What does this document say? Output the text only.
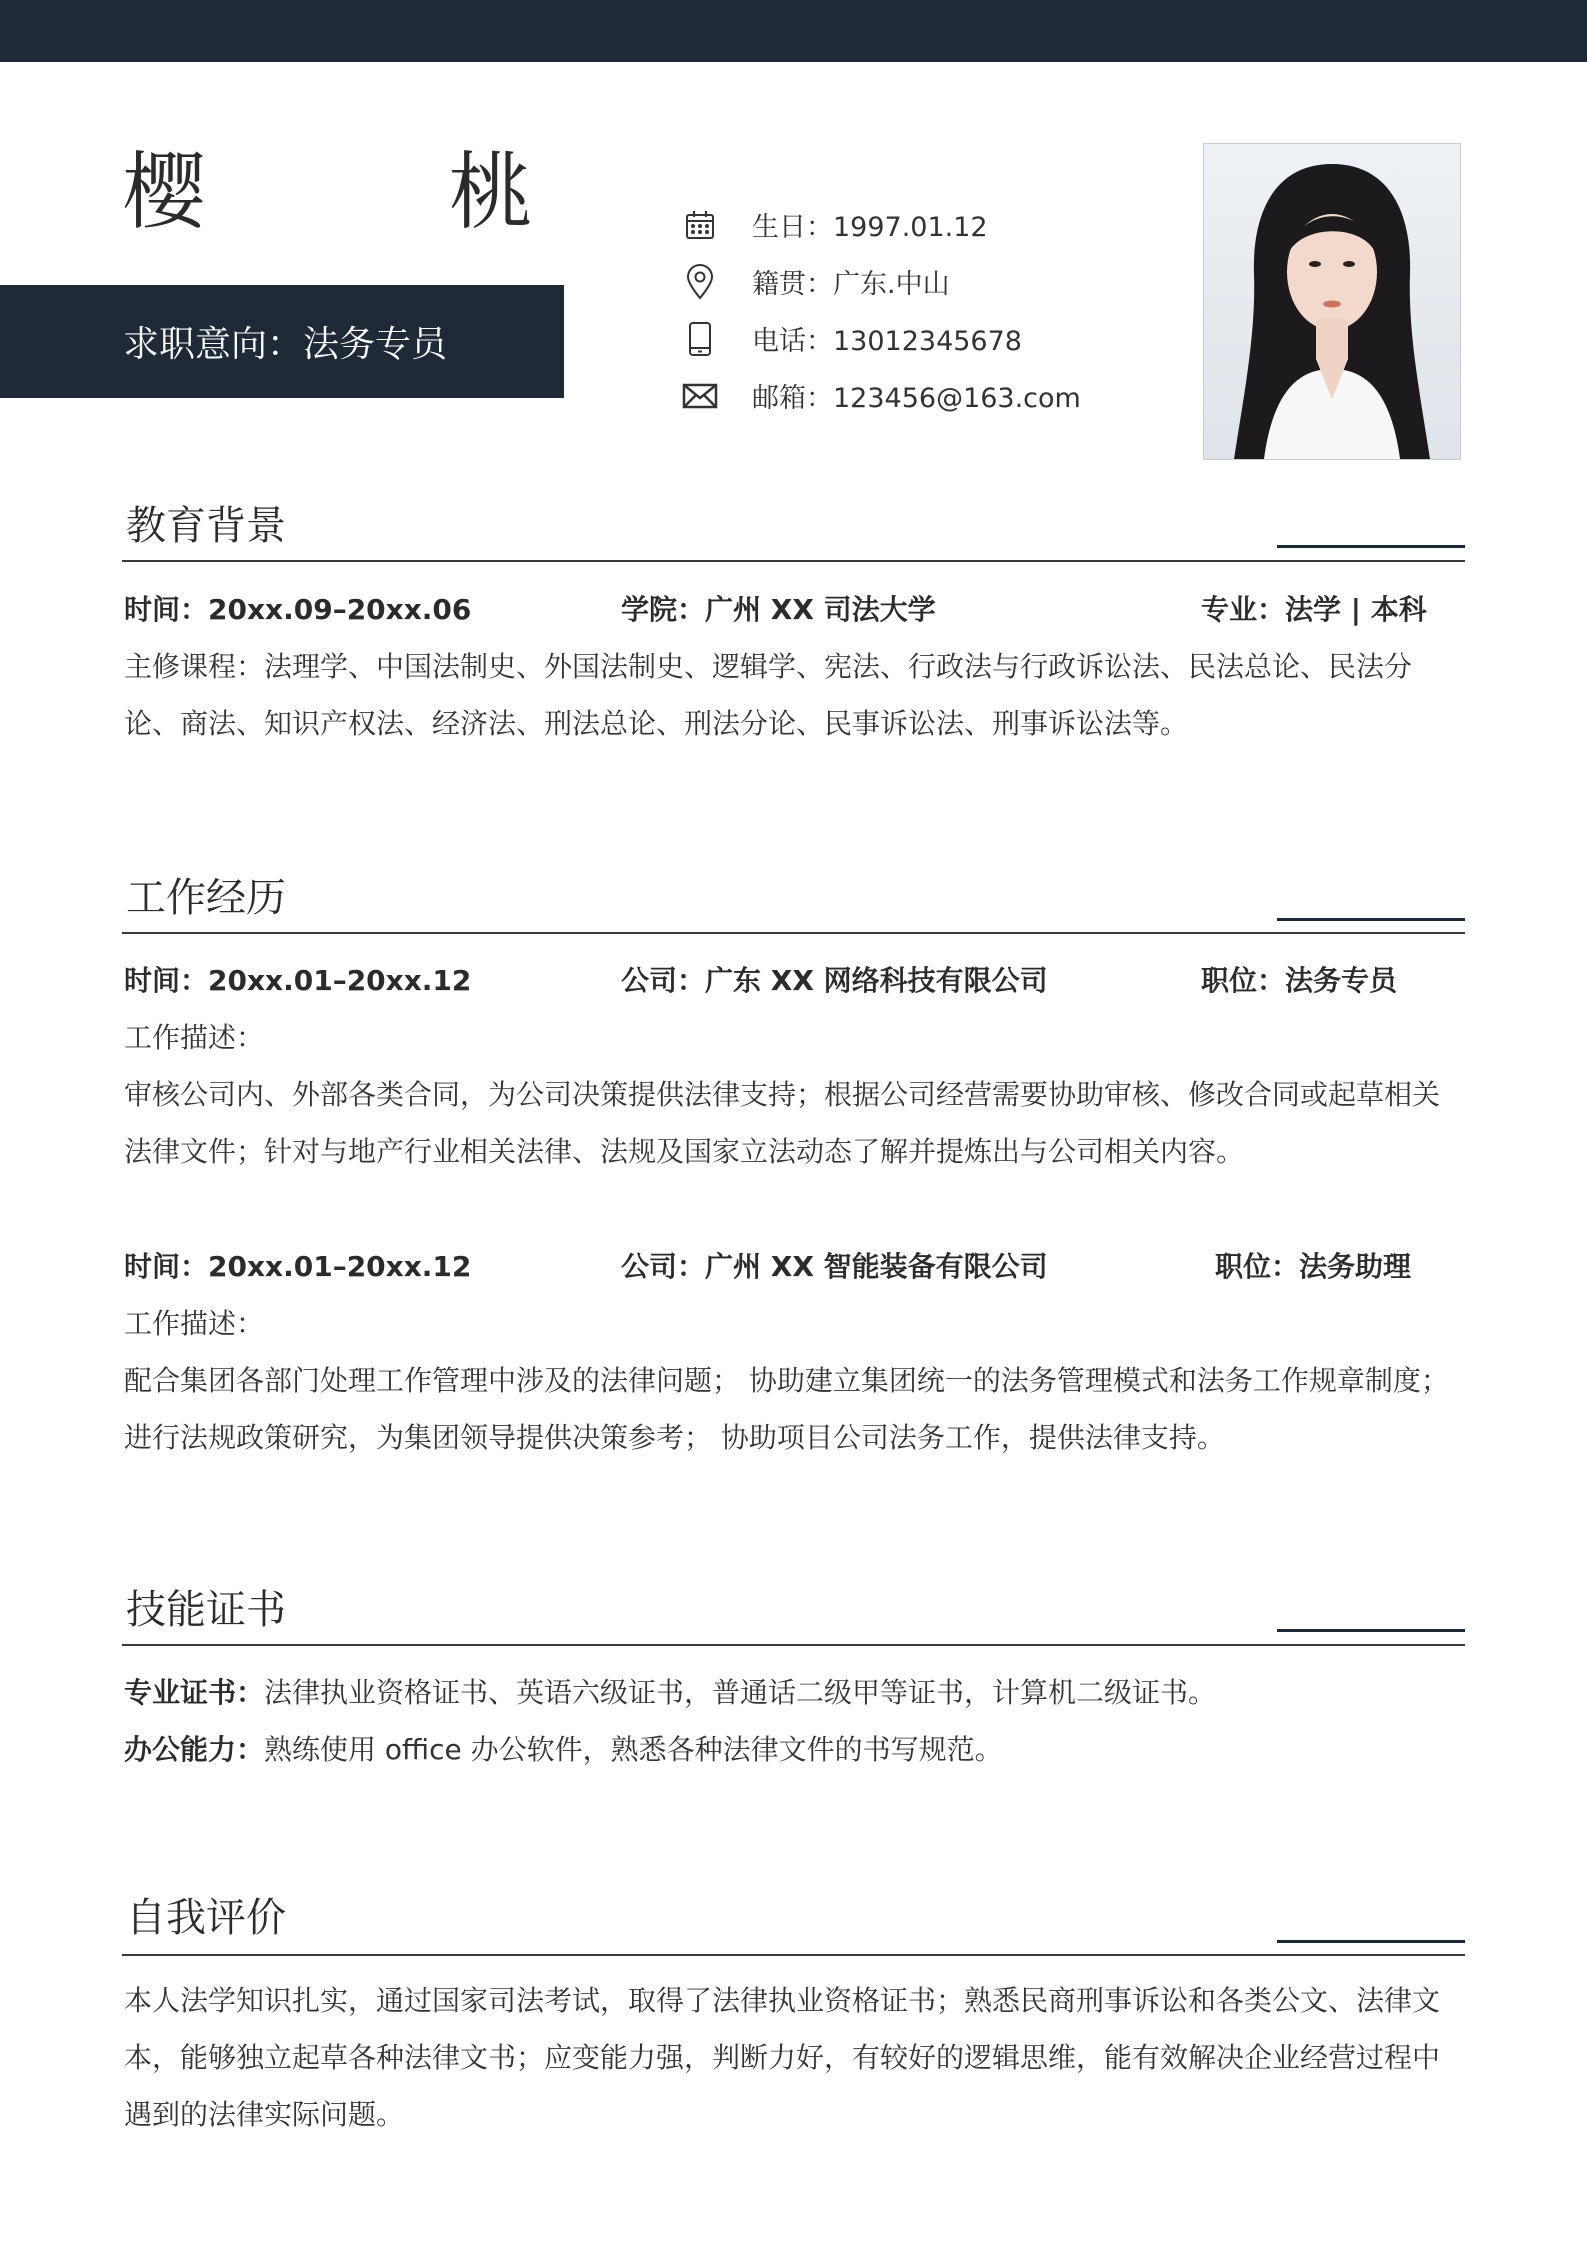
樱 桃
求职意向：法务专员
生日：1997.01.12
籍贯：广东.中山
电话：13012345678
邮箱：123456@163.com
教育背景
时间：20xx.09–20xx.06	学院：广州 XX 司法大学	专业：法学 | 本科
主修课程：法理学、中国法制史、外国法制史、逻辑学、宪法、行政法与行政诉讼法、民法总论、民法分论、商法、知识产权法、经济法、刑法总论、刑法分论、民事诉讼法、刑事诉讼法等。
工作经历
时间：20xx.01–20xx.12	公司：广东 XX 网络科技有限公司	职位：法务专员
工作描述：
审核公司内、外部各类合同，为公司决策提供法律支持；根据公司经营需要协助审核、修改合同或起草相关法律文件；针对与地产行业相关法律、法规及国家立法动态了解并提炼出与公司相关内容。
时间：20xx.01–20xx.12	公司：广州 XX 智能装备有限公司	职位：法务助理
工作描述：
配合集团各部门处理工作管理中涉及的法律问题； 协助建立集团统一的法务管理模式和法务工作规章制度； 进行法规政策研究，为集团领导提供决策参考； 协助项目公司法务工作，提供法律支持。
技能证书
专业证书：法律执业资格证书、英语六级证书，普通话二级甲等证书，计算机二级证书。
办公能力：熟练使用 office 办公软件，熟悉各种法律文件的书写规范。
自我评价
本人法学知识扎实，通过国家司法考试，取得了法律执业资格证书；熟悉民商刑事诉讼和各类公文、法律文本，能够独立起草各种法律文书；应变能力强，判断力好，有较好的逻辑思维，能有效解决企业经营过程中遇到的法律实际问题。
